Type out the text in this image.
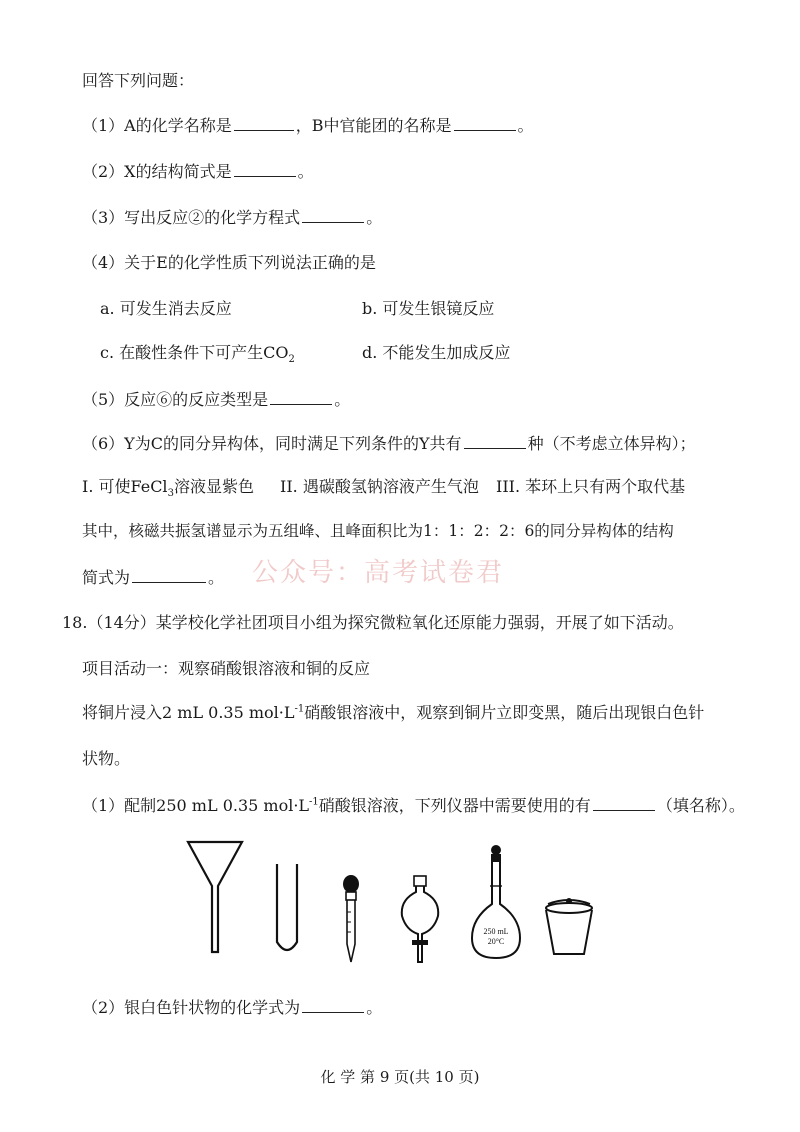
回答下列问题：
（1）A的化学名称是	，B中官能团的名称是	。
（2）X的结构简式是	。
（3）写出反应②的化学方程式	。
（4）关于E的化学性质下列说法正确的是
a. 可发生消去反应	b. 可发生银镜反应
c. 在酸性条件下可产生$CO_2$	d. 不能发生加成反应
（5）反应⑥的反应类型是	。
（6）Y为C的同分异构体，同时满足下列条件的Y共有	种（不考虑立体异构）；
I. 可使FeCl$_3$溶液显紫色 II. 遇碳酸氢钠溶液产生气泡 III. 苯环上只有两个取代基
其中，核磁共振氢谱显示为五组峰、且峰面积比为1：1：2：2：6的同分异构体的结构
简式为	。 公众号：高考试卷君
18.（14分）某学校化学社团项目小组为探究微粒氧化还原能力强弱，开展了如下活动。
项目活动一：观察硝酸银溶液和铜的反应
将铜片浸入2 mL 0.35 $mol\cdot L^{-1}$硝酸银溶液中，观察到铜片立即变黑，随后出现银白色针
状物。
（1）配制250 mL 0.35 $mol\cdot L^{-1}$硝酸银溶液，下列仪器中需要使用的有	（填名称）。
250 mL
20°C
（2）银白色针状物的化学式为	。
化 学 第 9 页(共 10 页)
